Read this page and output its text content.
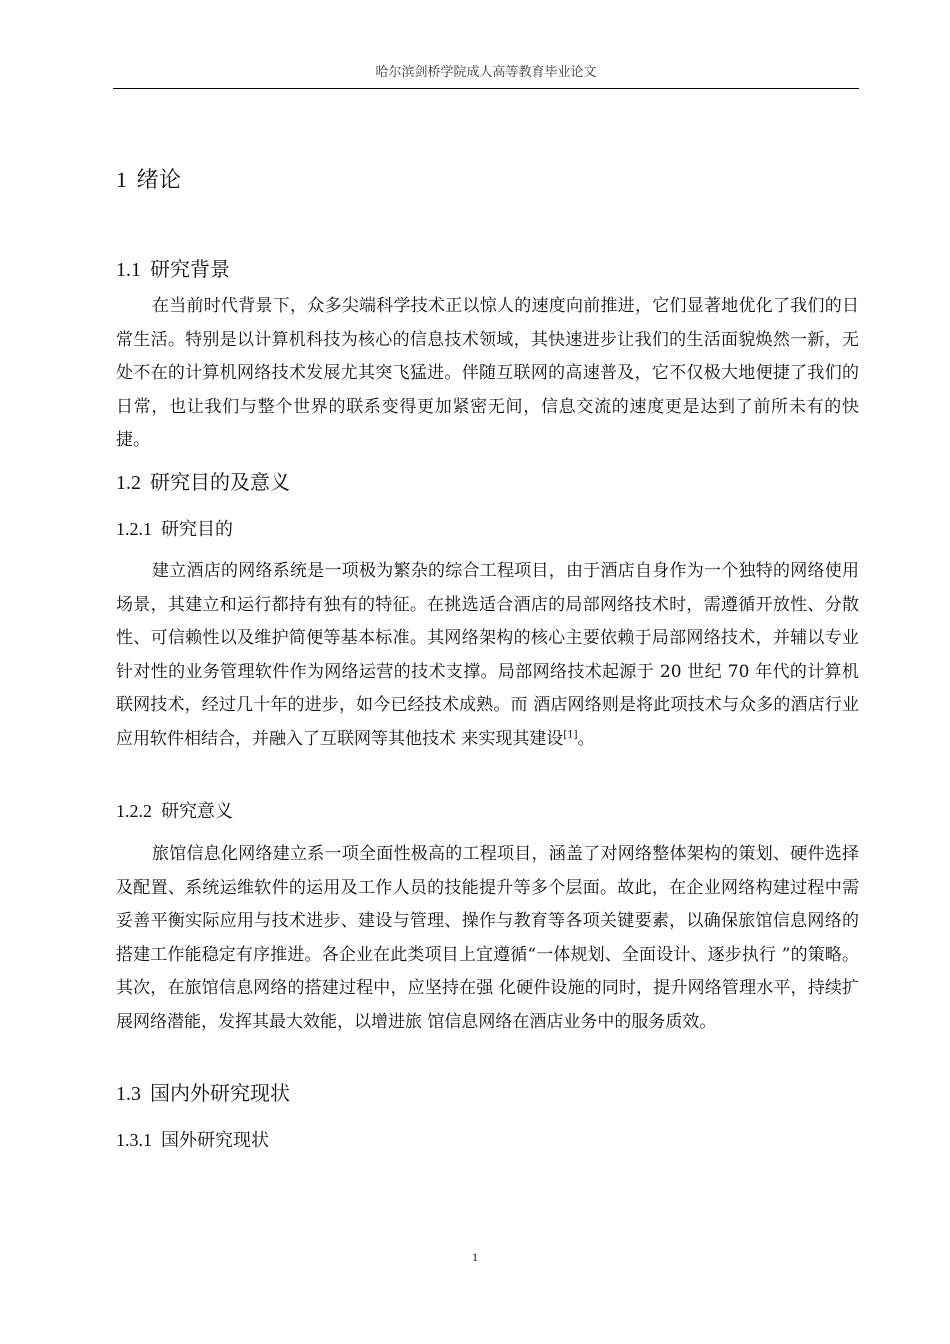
哈尔滨剑桥学院成人高等教育毕业论文
1 绪论
1.1 研究背景

在当前时代背景下，众多尖端科学技术正以惊人的速度向前推进，它们显著地优化了我们的日常生活。特别是以计算机科技为核心的信息技术领域，其快速进步让我们的生活面貌焕然一新，无处不在的计算机网络技术发展尤其突飞猛进。伴随互联网的高速普及，它不仅极大地便捷了我们的日常，也让我们与整个世界的联系变得更加紧密无间，信息交流的速度更是达到了前所未有的快捷。

1.2 研究目的及意义
1.2.1 研究目的

建立酒店的网络系统是一项极为繁杂的综合工程项目，由于酒店自身作为一个独特的网络使用场景，其建立和运行都持有独有的特征。在挑选适合酒店的局部网络技术时，需遵循开放性、分散性、可信赖性以及维护简便等基本标准。其网络架构的核心主要依赖于局部网络技术，并辅以专业针对性的业务管理软件作为网络运营的技术支撑。局部网络技术起源于 20 世纪 70 年代的计算机联网技术，经过几十年的进步，如今已经技术成熟。而 酒店网络则是将此项技术与众多的酒店行业应用软件相结合，并融入了互联网等其他技术 来实现其建设[1]。

1.2.2 研究意义

旅馆信息化网络建立系一项全面性极高的工程项目，涵盖了对网络整体架构的策划、硬件选择及配置、系统运维软件的运用及工作人员的技能提升等多个层面。故此，在企业网络构建过程中需妥善平衡实际应用与技术进步、建设与管理、操作与教育等各项关键要素，以确保旅馆信息网络的搭建工作能稳定有序推进。各企业在此类项目上宜遵循“一体规划、全面设计、逐步执行 ”的策略。其次，在旅馆信息网络的搭建过程中，应坚持在强 化硬件设施的同时，提升网络管理水平，持续扩展网络潜能，发挥其最大效能，以增进旅 馆信息网络在酒店业务中的服务质效。

1.3 国内外研究现状
1.3.1 国外研究现状
1
